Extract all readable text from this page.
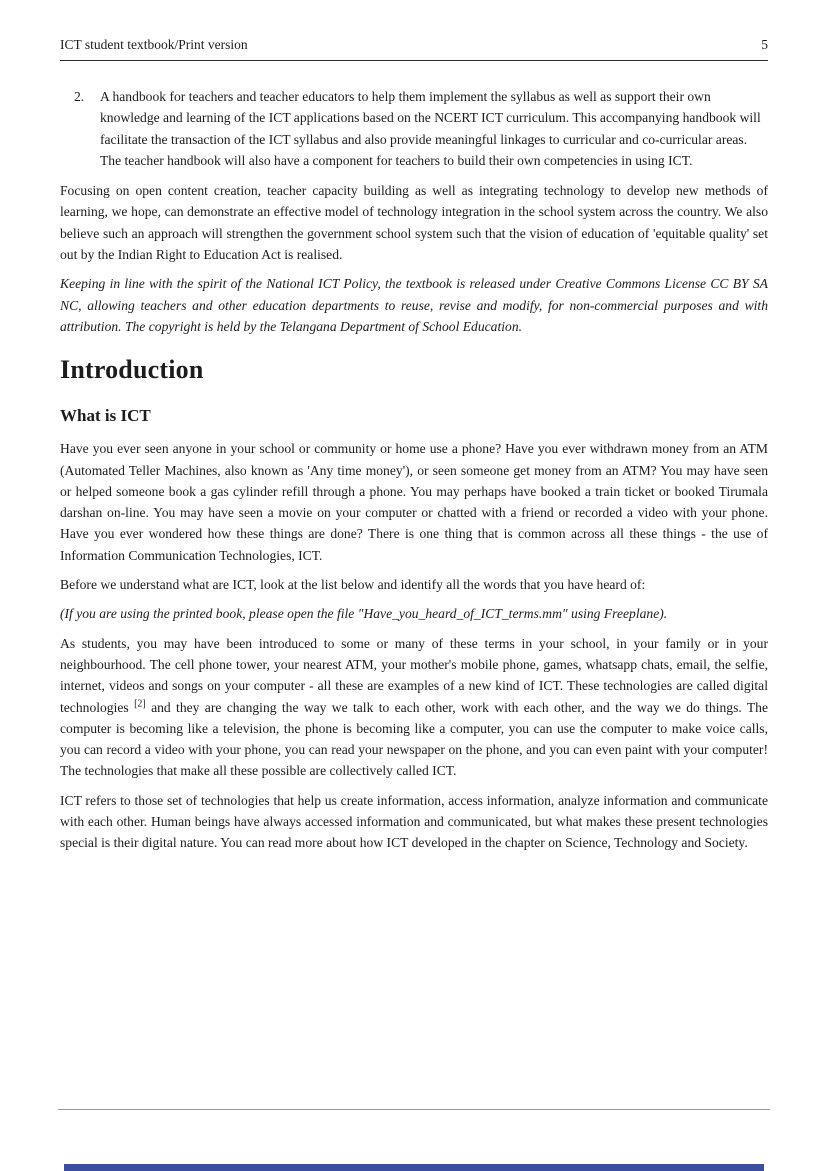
ICT student textbook/Print version	5
2.	A handbook for teachers and teacher educators to help them implement the syllabus as well as support their own knowledge and learning of the ICT applications based on the NCERT ICT curriculum. This accompanying handbook will facilitate the transaction of the ICT syllabus and also provide meaningful linkages to curricular and co-curricular areas. The teacher handbook will also have a component for teachers to build their own competencies in using ICT.

Focusing on open content creation, teacher capacity building as well as integrating technology to develop new methods of learning, we hope, can demonstrate an effective model of technology integration in the school system across the country. We also believe such an approach will strengthen the government school system such that the vision of education of 'equitable quality' set out by the Indian Right to Education Act is realised.

Keeping in line with the spirit of the National ICT Policy, the textbook is released under Creative Commons License CC BY SA NC, allowing teachers and other education departments to reuse, revise and modify, for non-commercial purposes and with attribution. The copyright is held by the Telangana Department of School Education.

Introduction
What is ICT

Have you ever seen anyone in your school or community or home use a phone? Have you ever withdrawn money from an ATM (Automated Teller Machines, also known as 'Any time money'), or seen someone get money from an ATM? You may have seen or helped someone book a gas cylinder refill through a phone. You may perhaps have booked a train ticket or booked Tirumala darshan on-line. You may have seen a movie on your computer or chatted with a friend or recorded a video with your phone. Have you ever wondered how these things are done? There is one thing that is common across all these things - the use of Information Communication Technologies, ICT.

Before we understand what are ICT, look at the list below and identify all the words that you have heard of:

(If you are using the printed book, please open the file "Have_you_heard_of_ICT_terms.mm" using Freeplane).

As students, you may have been introduced to some or many of these terms in your school, in your family or in your neighbourhood. The cell phone tower, your nearest ATM, your mother's mobile phone, games, whatsapp chats, email, the selfie, internet, videos and songs on your computer - all these are examples of a new kind of ICT. These technologies are called digital technologies [2] and they are changing the way we talk to each other, work with each other, and the way we do things. The computer is becoming like a television, the phone is becoming like a computer, you can use the computer to make voice calls, you can record a video with your phone, you can read your newspaper on the phone, and you can even paint with your computer! The technologies that make all these possible are collectively called ICT.

ICT refers to those set of technologies that help us create information, access information, analyze information and communicate with each other. Human beings have always accessed information and communicated, but what makes these present technologies special is their digital nature. You can read more about how ICT developed in the chapter on Science, Technology and Society.
